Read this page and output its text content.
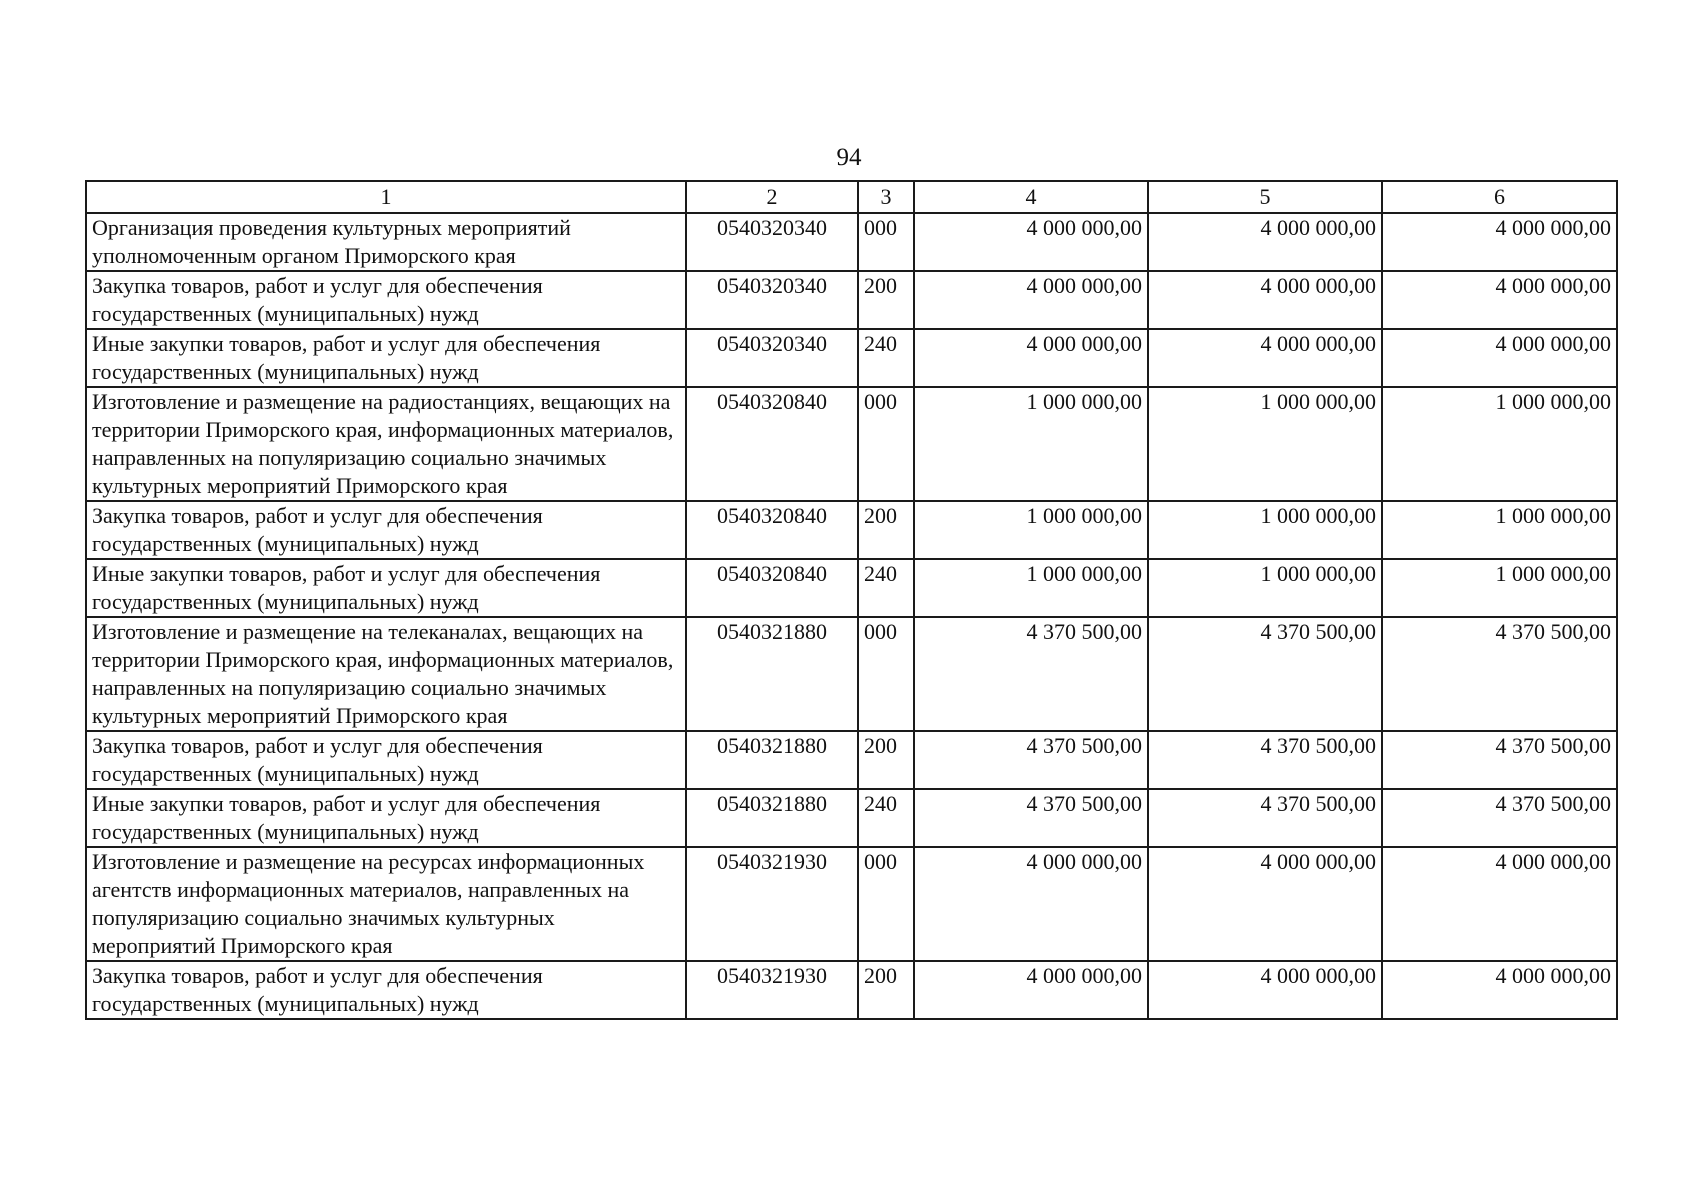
94
1	2	3	4	5	6
Организация проведения культурных мероприятий уполномоченным органом Приморского края	0540320340	000	4 000 000,00	4 000 000,00	4 000 000,00
Закупка товаров, работ и услуг для обеспечения государственных (муниципальных) нужд	0540320340	200	4 000 000,00	4 000 000,00	4 000 000,00
Иные закупки товаров, работ и услуг для обеспечения государственных (муниципальных) нужд	0540320340	240	4 000 000,00	4 000 000,00	4 000 000,00
Изготовление и размещение на радиостанциях, вещающих на территории Приморского края, информационных материалов, направленных на популяризацию социально значимых культурных мероприятий Приморского края	0540320840	000	1 000 000,00	1 000 000,00	1 000 000,00
Закупка товаров, работ и услуг для обеспечения государственных (муниципальных) нужд	0540320840	200	1 000 000,00	1 000 000,00	1 000 000,00
Иные закупки товаров, работ и услуг для обеспечения государственных (муниципальных) нужд	0540320840	240	1 000 000,00	1 000 000,00	1 000 000,00
Изготовление и размещение на телеканалах, вещающих на территории Приморского края, информационных материалов, направленных на популяризацию социально значимых культурных мероприятий Приморского края	0540321880	000	4 370 500,00	4 370 500,00	4 370 500,00
Закупка товаров, работ и услуг для обеспечения государственных (муниципальных) нужд	0540321880	200	4 370 500,00	4 370 500,00	4 370 500,00
Иные закупки товаров, работ и услуг для обеспечения государственных (муниципальных) нужд	0540321880	240	4 370 500,00	4 370 500,00	4 370 500,00
Изготовление и размещение на ресурсах информационных агентств информационных материалов, направленных на популяризацию социально значимых культурных мероприятий Приморского края	0540321930	000	4 000 000,00	4 000 000,00	4 000 000,00
Закупка товаров, работ и услуг для обеспечения государственных (муниципальных) нужд	0540321930	200	4 000 000,00	4 000 000,00	4 000 000,00
